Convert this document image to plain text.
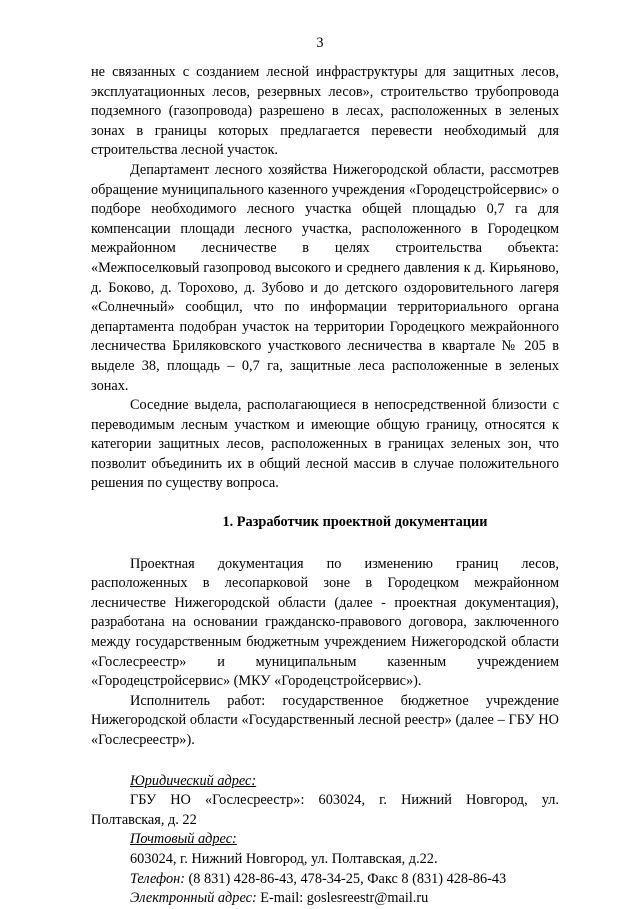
3

не связанных с созданием лесной инфраструктуры для защитных лесов, эксплуатационных лесов, резервных лесов», строительство трубопровода подземного (газопровода) разрешено в лесах, расположенных в зеленых зонах в границы которых предлагается перевести необходимый для строительства лесной участок.

Департамент лесного хозяйства Нижегородской области, рассмотрев обращение муниципального казенного учреждения «Городецстройсервис» о подборе необходимого лесного участка общей площадью 0,7 га для компенсации площади лесного участка, расположенного в Городецком межрайонном лесничестве в целях строительства объекта: «Межпоселковый газопровод высокого и среднего давления к д. Кирьяново, д. Боково, д. Торохово, д. Зубово и до детского оздоровительного лагеря «Солнечный» сообщил, что по информации территориального органа департамента подобран участок на территории Городецкого межрайонного лесничества Бриляковского участкового лесничества в квартале № 205 в выделе 38, площадь – 0,7 га, защитные леса расположенные в зеленых зонах.

Соседние выдела, располагающиеся в непосредственной близости с переводимым лесным участком и имеющие общую границу, относятся к категории защитных лесов, расположенных в границах зеленых зон, что позволит объединить их в общий лесной массив в случае положительного решения по существу вопроса.

1. Разработчик проектной документации

Проектная документация по изменению границ лесов, расположенных в лесопарковой зоне в Городецком межрайонном лесничестве Нижегородской области (далее - проектная документация), разработана на основании гражданско-правового договора, заключенного между государственным бюджетным учреждением Нижегородской области «Гослесреестр» и муниципальным казенным учреждением «Городецстройсервис» (МКУ «Городецстройсервис»).

Исполнитель работ: государственное бюджетное учреждение Нижегородской области «Государственный лесной реестр» (далее – ГБУ НО «Гослесреестр»).

Юридический адрес:

ГБУ НО «Гослесреестр»: 603024, г. Нижний Новгород, ул. Полтавская, д. 22

Почтовый адрес:
603024, г. Нижний Новгород, ул. Полтавская, д.22.
Телефон: (8 831) 428-86-43, 478-34-25, Факс 8 (831) 428-86-43
Электронный адрес: E-mail: goslesreestr@mail.ru
